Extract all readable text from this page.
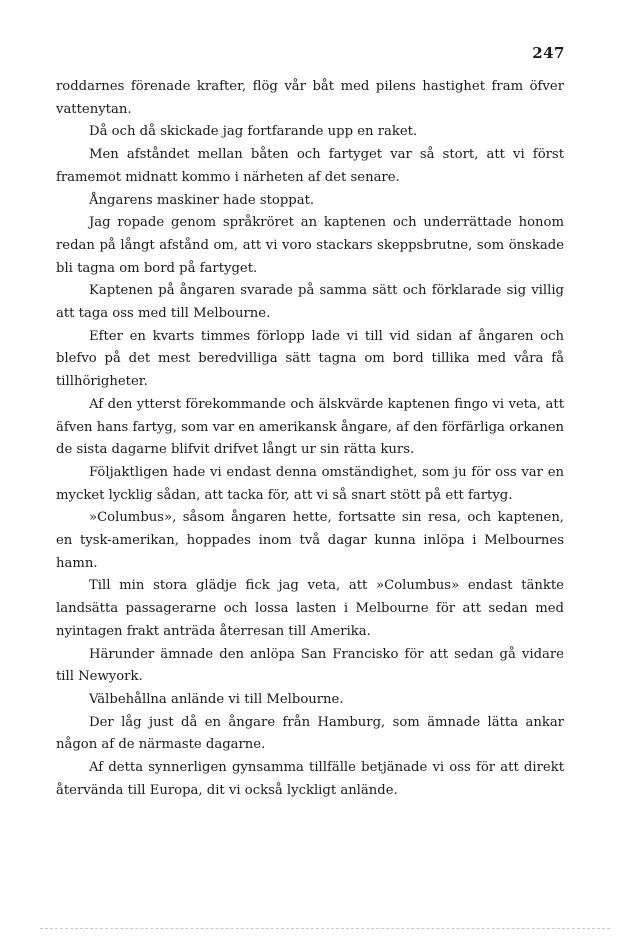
247

roddarnes förenade krafter, flög vår båt med pilens hastighet fram öfver vattenytan.

Då och då skickade jag fortfarande upp en raket.

Men afståndet mellan båten och fartyget var så stort, att vi först framemot midnatt kommo i närheten af det senare.

Ångarens maskiner hade stoppat.

Jag ropade genom språkröret an kaptenen och underrättade honom redan på långt afstånd om, att vi voro stackars skeppsbrutne, som önskade bli tagna om bord på fartyget.

Kaptenen på ångaren svarade på samma sätt och förklarade sig villig att taga oss med till Melbourne.

Efter en kvarts timmes förlopp lade vi till vid sidan af ångaren och blefvo på det mest beredvilliga sätt tagna om bord tillika med våra få tillhörigheter.

Af den ytterst förekommande och älskvärde kaptenen fingo vi veta, att äfven hans fartyg, som var en amerikansk ångare, af den förfärliga orkanen de sista dagarne blifvit drifvet långt ur sin rätta kurs.

Följaktligen hade vi endast denna omständighet, som ju för oss var en mycket lycklig sådan, att tacka för, att vi så snart stött på ett fartyg.

»Columbus», såsom ångaren hette, fortsatte sin resa, och kaptenen, en tysk-amerikan, hoppades inom två dagar kunna inlöpa i Melbournes hamn.

Till min stora glädje fick jag veta, att »Columbus» endast tänkte landsätta passagerarne och lossa lasten i Melbourne för att sedan med nyintagen frakt anträda återresan till Amerika.

Härunder ämnade den anlöpa San Francisko för att sedan gå vidare till Newyork.

Välbehållna anlände vi till Melbourne.

Der låg just då en ångare från Hamburg, som ämnade lätta ankar någon af de närmaste dagarne.

Af detta synnerligen gynsamma tillfälle betjänade vi oss för att direkt återvända till Europa, dit vi också lyckligt anlände.
